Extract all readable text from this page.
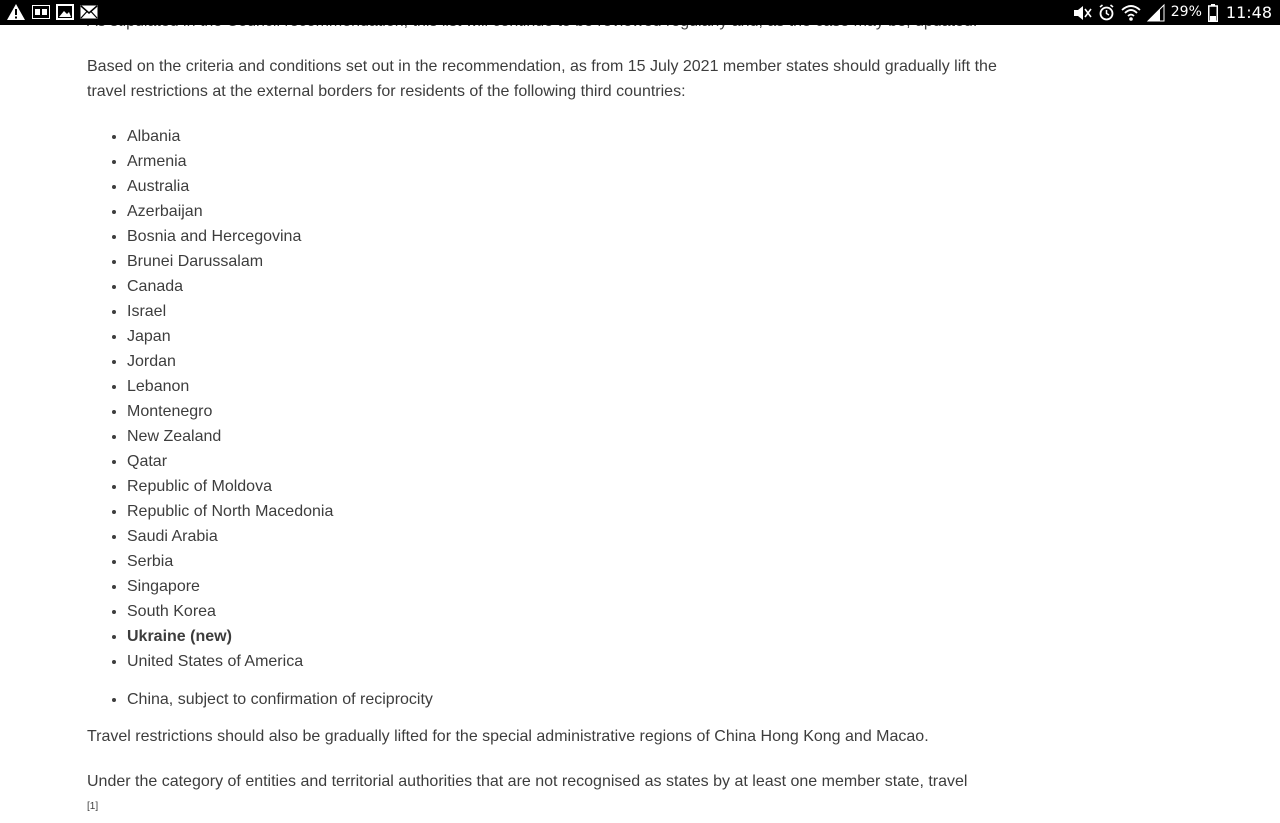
29% 11:48

Based on the criteria and conditions set out in the recommendation, as from 15 July 2021 member states should gradually lift the travel restrictions at the external borders for residents of the following third countries:

• Albania
• Armenia
• Australia
• Azerbaijan
• Bosnia and Hercegovina
• Brunei Darussalam
• Canada
• Israel
• Japan
• Jordan
• Lebanon
• Montenegro
• New Zealand
• Qatar
• Republic of Moldova
• Republic of North Macedonia
• Saudi Arabia
• Serbia
• Singapore
• South Korea
• Ukraine (new)
• United States of America
• China, subject to confirmation of reciprocity

Travel restrictions should also be gradually lifted for the special administrative regions of China Hong Kong and Macao.

Under the category of entities and territorial authorities that are not recognised as states by at least one member state, travel
[1]
